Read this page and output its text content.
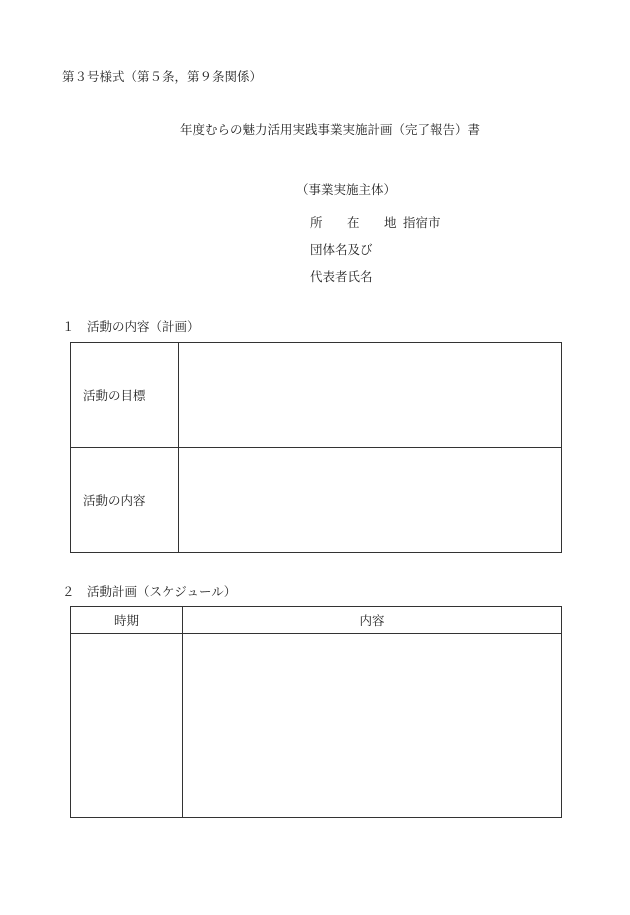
第３号様式（第５条，第９条関係）
年度むらの魅力活用実践事業実施計画（完了報告）書
（事業実施主体）
所 在 地 指宿市
団体名及び
代表者氏名
１　活動の内容（計画）
活動の目標	
活動の内容	
２　活動計画（スケジュール）
時期	内容
